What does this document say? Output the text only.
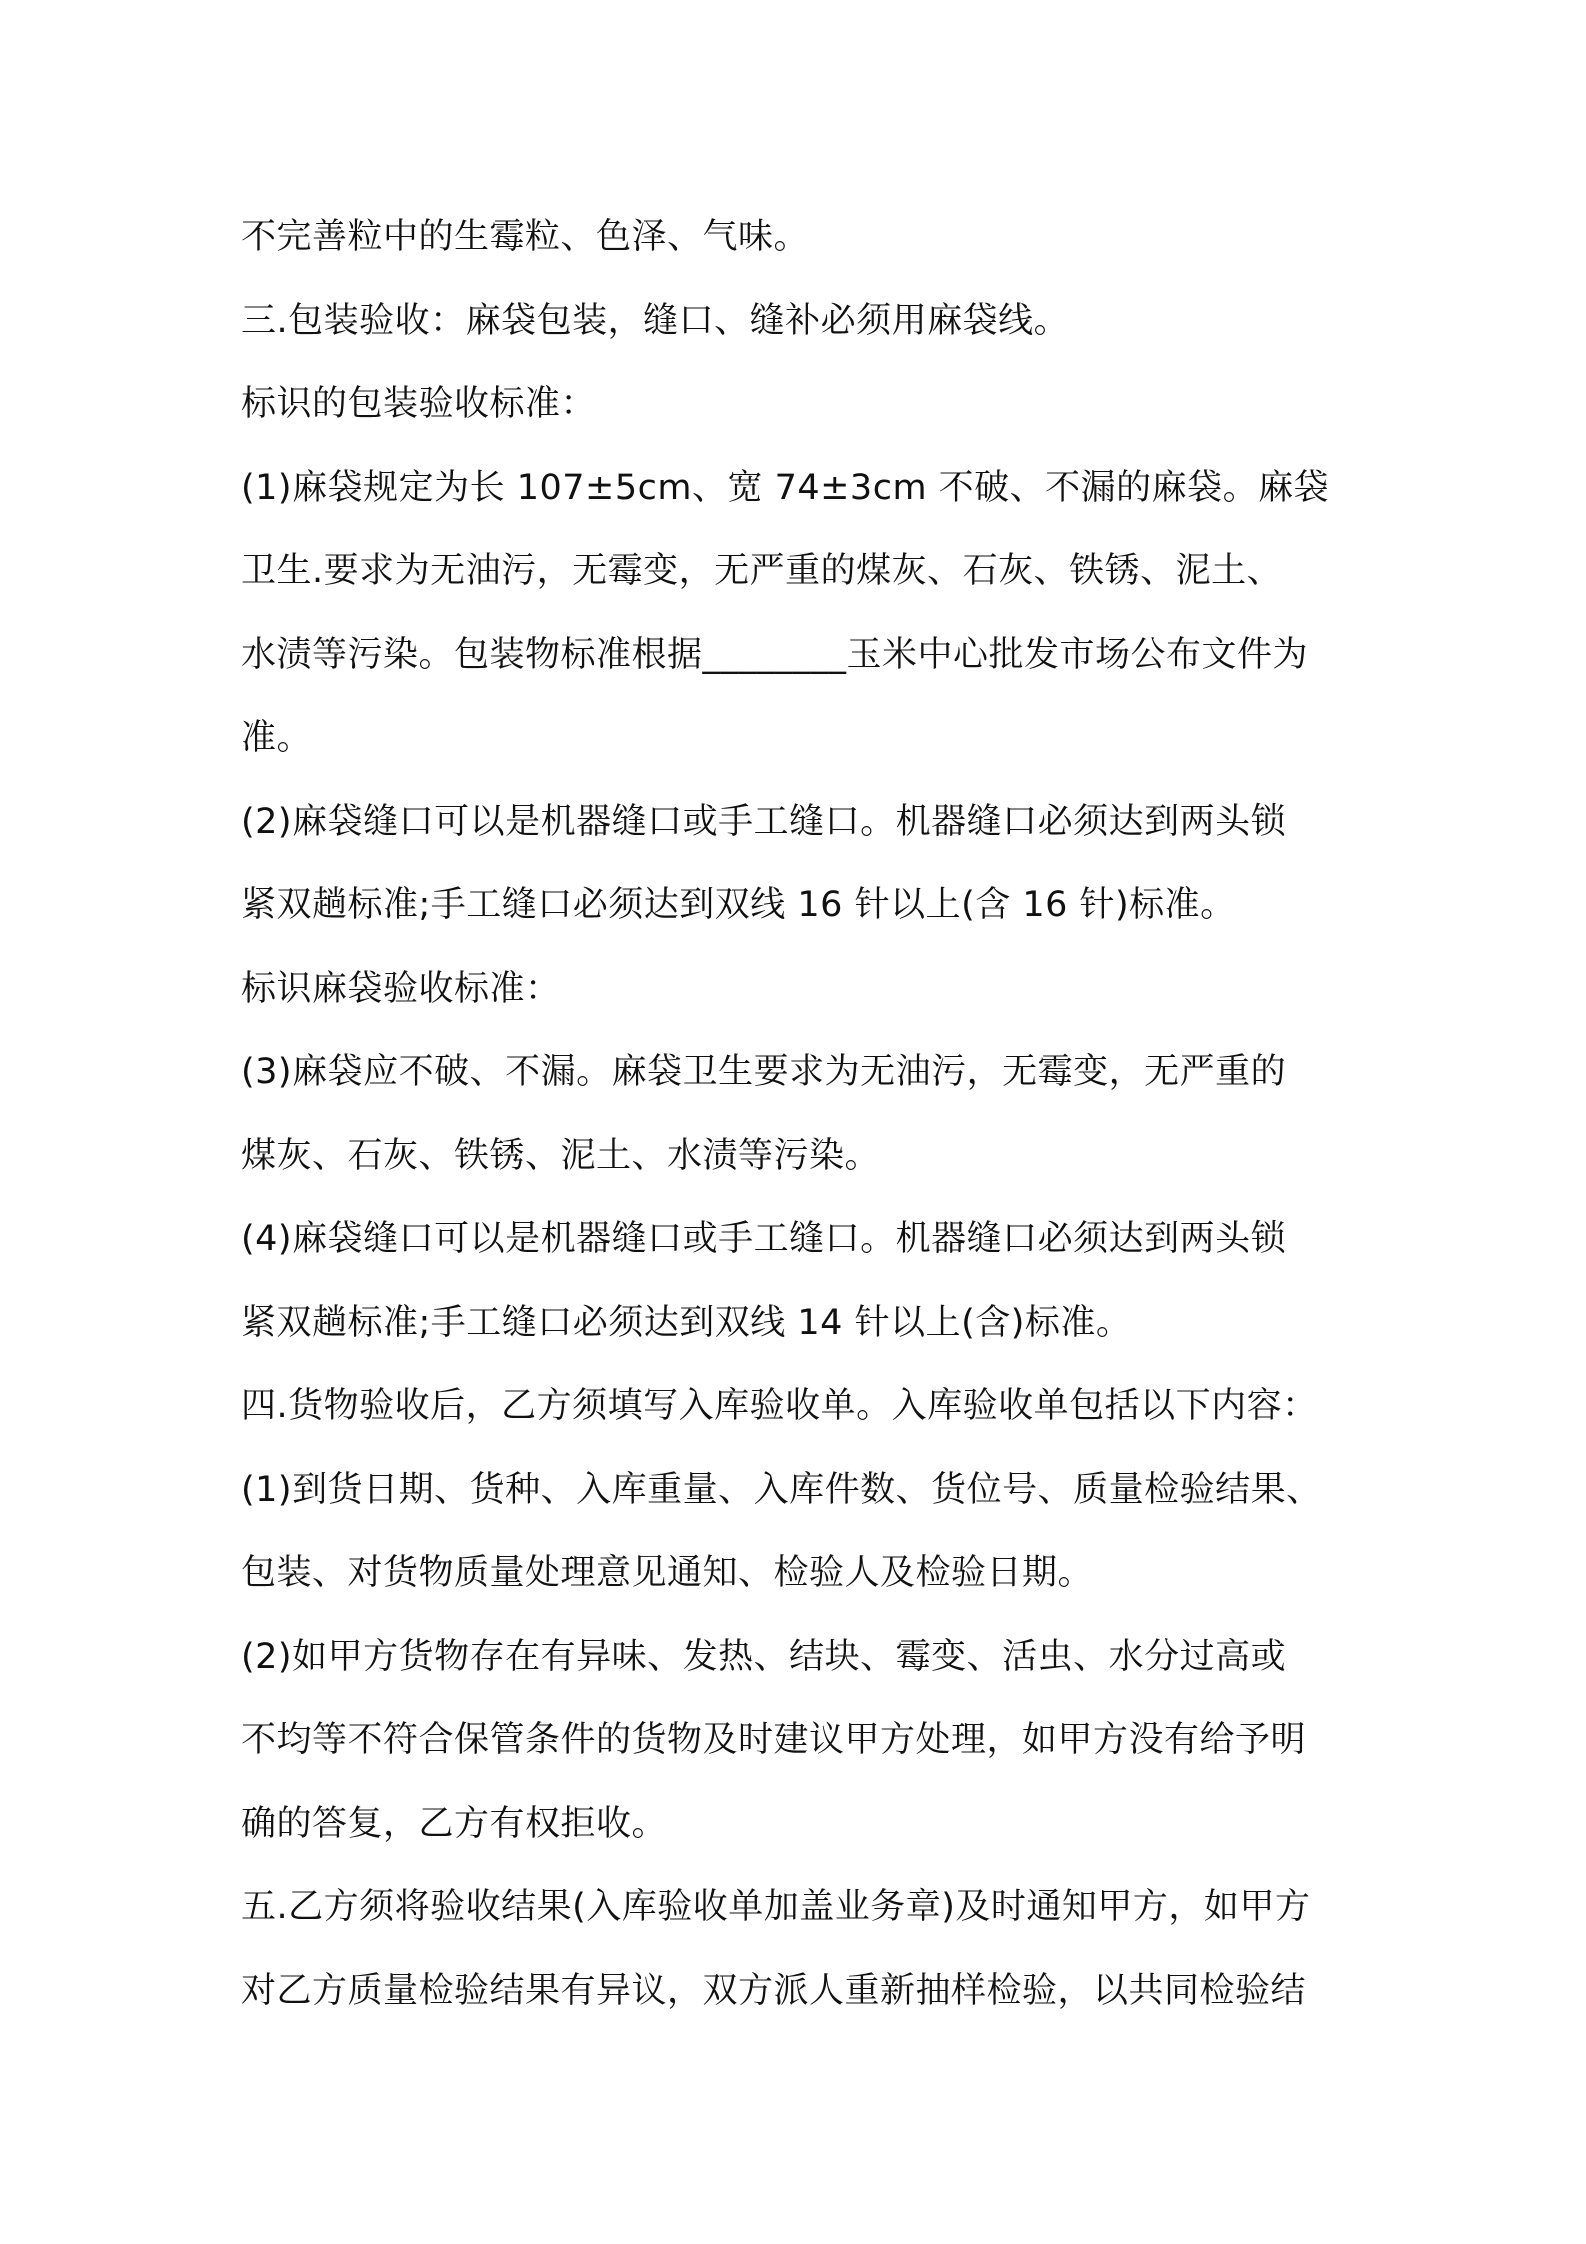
不完善粒中的生霉粒、色泽、气味。
三.包装验收：麻袋包装，缝口、缝补必须用麻袋线。
标识的包装验收标准：
(1)麻袋规定为长 107±5cm、宽 74±3cm 不破、不漏的麻袋。麻袋
卫生.要求为无油污，无霉变，无严重的煤灰、石灰、铁锈、泥土、
水渍等污染。包装物标准根据________玉米中心批发市场公布文件为
准。
(2)麻袋缝口可以是机器缝口或手工缝口。机器缝口必须达到两头锁
紧双趟标准;手工缝口必须达到双线 16 针以上(含 16 针)标准。
标识麻袋验收标准：
(3)麻袋应不破、不漏。麻袋卫生要求为无油污，无霉变，无严重的
煤灰、石灰、铁锈、泥土、水渍等污染。
(4)麻袋缝口可以是机器缝口或手工缝口。机器缝口必须达到两头锁
紧双趟标准;手工缝口必须达到双线 14 针以上(含)标准。
四.货物验收后，乙方须填写入库验收单。入库验收单包括以下内容：
(1)到货日期、货种、入库重量、入库件数、货位号、质量检验结果、
包装、对货物质量处理意见通知、检验人及检验日期。
(2)如甲方货物存在有异味、发热、结块、霉变、活虫、水分过高或
不均等不符合保管条件的货物及时建议甲方处理，如甲方没有给予明
确的答复，乙方有权拒收。
五.乙方须将验收结果(入库验收单加盖业务章)及时通知甲方，如甲方
对乙方质量检验结果有异议，双方派人重新抽样检验，以共同检验结
